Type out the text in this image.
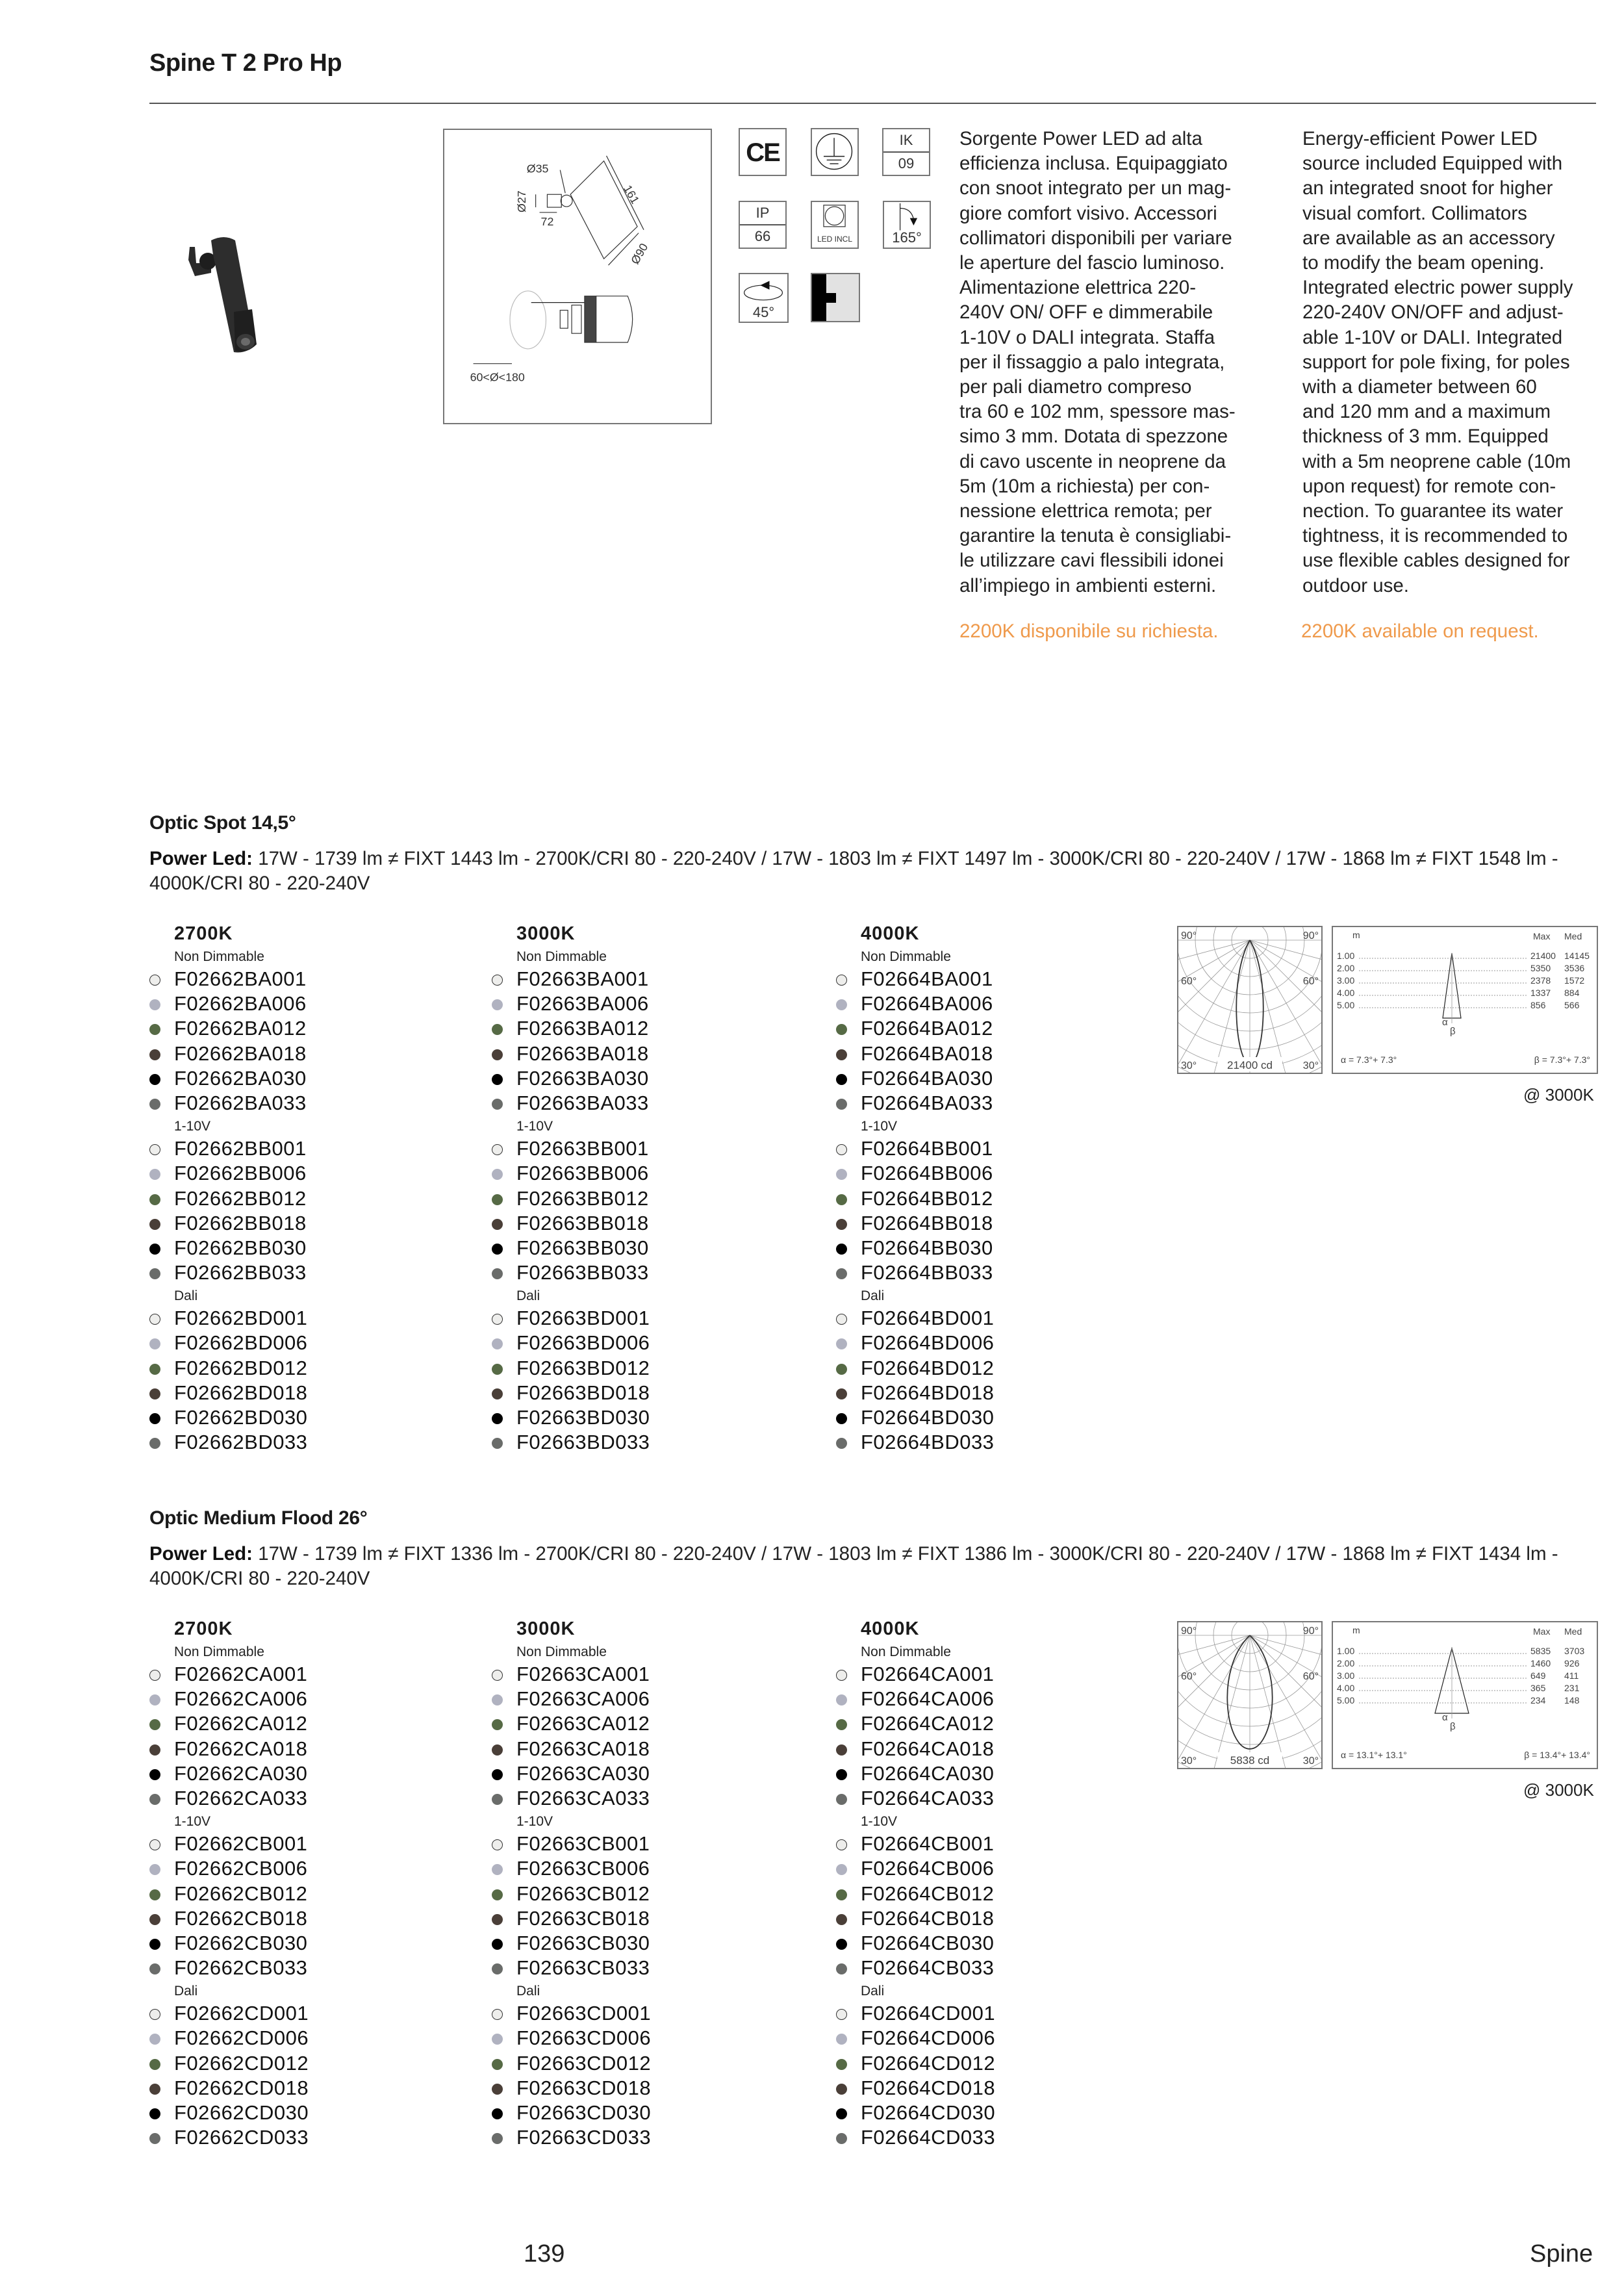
Spine T 2 Pro Hp
Ø35
161
Ø27
72
Ø90
60<Ø<180
CE	IK
09
IP
66	LED INCL	165°
45°
Sorgente Power LED ad alta
efficienza inclusa. Equipaggiato
con snoot integrato per un mag-
giore comfort visivo. Accessori
collimatori disponibili per variare
le aperture del fascio luminoso.
Alimentazione elettrica 220-
240V ON/ OFF e dimmerabile
1-10V o DALI integrata. Staffa
per il fissaggio a palo integrata,
per pali diametro compreso
tra 60 e 102 mm, spessore mas-
simo 3 mm. Dotata di spezzone
di cavo uscente in neoprene da
5m (10m a richiesta) per con-
nessione elettrica remota; per
garantire la tenuta è consigliabi-
le utilizzare cavi flessibili idonei
all’impiego in ambienti esterni.
2200K disponibile su richiesta.
Energy-efficient Power LED
source included Equipped with
an integrated snoot for higher
visual comfort. Collimators
are available as an accessory
to modify the beam opening.
Integrated electric power supply
220-240V ON/OFF and adjust-
able 1-10V or DALI. Integrated
support for pole fixing, for poles
with a diameter between 60
and 120 mm and a maximum
thickness of 3 mm. Equipped
with a 5m neoprene cable (10m
upon request) for remote con-
nection. To guarantee its water
tightness, it is recommended to
use flexible cables designed for
outdoor use.
2200K available on request.
Optic Spot 14,5°
Power Led: 17W - 1739 lm ≠ FIXT 1443 lm - 2700K/CRI 80 - 220-240V / 17W - 1803 lm ≠ FIXT 1497 lm - 3000K/CRI 80 - 220-240V / 17W - 1868 lm ≠ FIXT 1548 lm - 4000K/CRI 80 - 220-240V
2700K
Non Dimmable
F02662BA001
F02662BA006
F02662BA012
F02662BA018
F02662BA030
F02662BA033
1-10V
F02662BB001
F02662BB006
F02662BB012
F02662BB018
F02662BB030
F02662BB033
Dali
F02662BD001
F02662BD006
F02662BD012
F02662BD018
F02662BD030
F02662BD033
3000K
Non Dimmable
F02663BA001
F02663BA006
F02663BA012
F02663BA018
F02663BA030
F02663BA033
1-10V
F02663BB001
F02663BB006
F02663BB012
F02663BB018
F02663BB030
F02663BB033
Dali
F02663BD001
F02663BD006
F02663BD012
F02663BD018
F02663BD030
F02663BD033
4000K
Non Dimmable
F02664BA001
F02664BA006
F02664BA012
F02664BA018
F02664BA030
F02664BA033
1-10V
F02664BB001
F02664BB006
F02664BB012
F02664BB018
F02664BB030
F02664BB033
Dali
F02664BD001
F02664BD006
F02664BD012
F02664BD018
F02664BD030
F02664BD033
90°	90°
60°	60°
30°	30°
21400 cd
m	Max Med
1.00	21400 14145
2.00	5350 3536
3.00	2378 1572
4.00	1337 884
5.00	856 566
α
β
α = 7.3°+ 7.3°	β = 7.3°+ 7.3°
@ 3000K
Optic Medium Flood 26°
Power Led: 17W - 1739 lm ≠ FIXT 1336 lm - 2700K/CRI 80 - 220-240V / 17W - 1803 lm ≠ FIXT 1386 lm - 3000K/CRI 80 - 220-240V / 17W - 1868 lm ≠ FIXT 1434 lm - 4000K/CRI 80 - 220-240V
2700K
Non Dimmable
F02662CA001
F02662CA006
F02662CA012
F02662CA018
F02662CA030
F02662CA033
1-10V
F02662CB001
F02662CB006
F02662CB012
F02662CB018
F02662CB030
F02662CB033
Dali
F02662CD001
F02662CD006
F02662CD012
F02662CD018
F02662CD030
F02662CD033
3000K
Non Dimmable
F02663CA001
F02663CA006
F02663CA012
F02663CA018
F02663CA030
F02663CA033
1-10V
F02663CB001
F02663CB006
F02663CB012
F02663CB018
F02663CB030
F02663CB033
Dali
F02663CD001
F02663CD006
F02663CD012
F02663CD018
F02663CD030
F02663CD033
4000K
Non Dimmable
F02664CA001
F02664CA006
F02664CA012
F02664CA018
F02664CA030
F02664CA033
1-10V
F02664CB001
F02664CB006
F02664CB012
F02664CB018
F02664CB030
F02664CB033
Dali
F02664CD001
F02664CD006
F02664CD012
F02664CD018
F02664CD030
F02664CD033
90°	90°
60°	60°
30°	30°
5838 cd
m	Max Med
1.00	5835 3703
2.00	1460 926
3.00	649 411
4.00	365 231
5.00	234 148
α
β
α = 13.1°+ 13.1°	β = 13.4°+ 13.4°
@ 3000K
139	Spine
